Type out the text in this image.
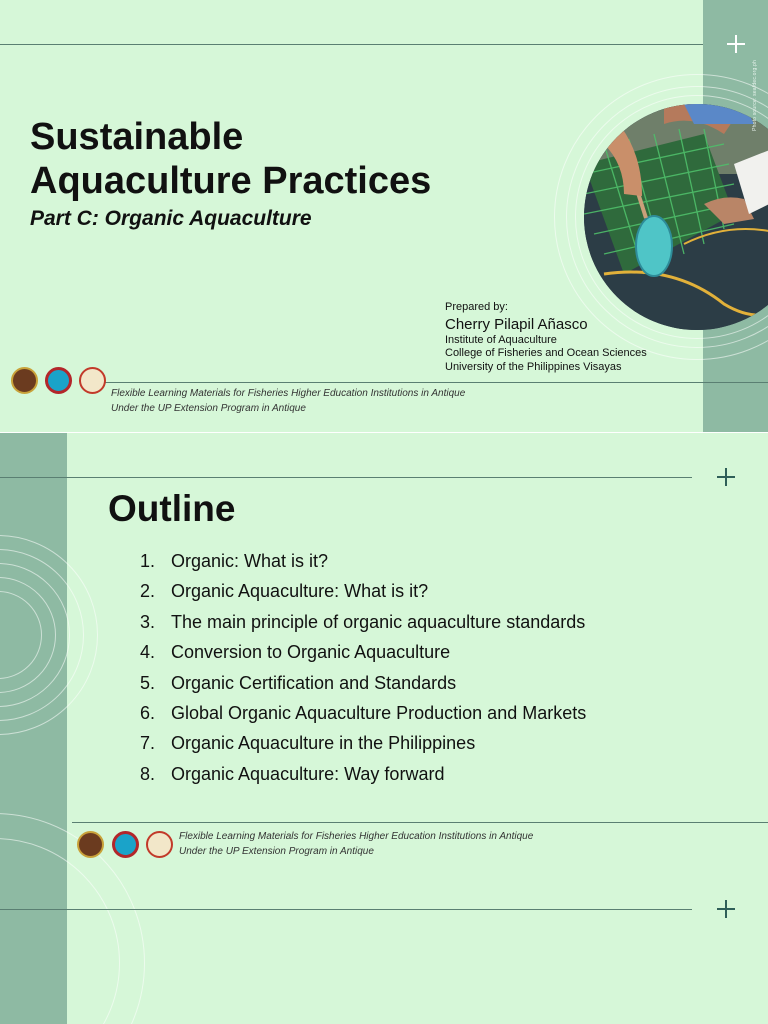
Photo source: seafdec.org.ph
Sustainable
Aquaculture Practices
Part C: Organic Aquaculture
Prepared by:
Cherry Pilapil Añasco
Institute of Aquaculture
College of Fisheries and Ocean Sciences
University of the Philippines Visayas
Flexible Learning Materials for Fisheries Higher Education Institutions in Antique
Under the UP Extension Program in Antique
Outline
1. Organic: What is it?
2. Organic Aquaculture: What is it?
3. The main principle of organic aquaculture standards
4. Conversion to Organic Aquaculture
5. Organic Certification and Standards
6. Global Organic Aquaculture Production and Markets
7. Organic Aquaculture in the Philippines
8. Organic Aquaculture: Way forward
Flexible Learning Materials for Fisheries Higher Education Institutions in Antique
Under the UP Extension Program in Antique
